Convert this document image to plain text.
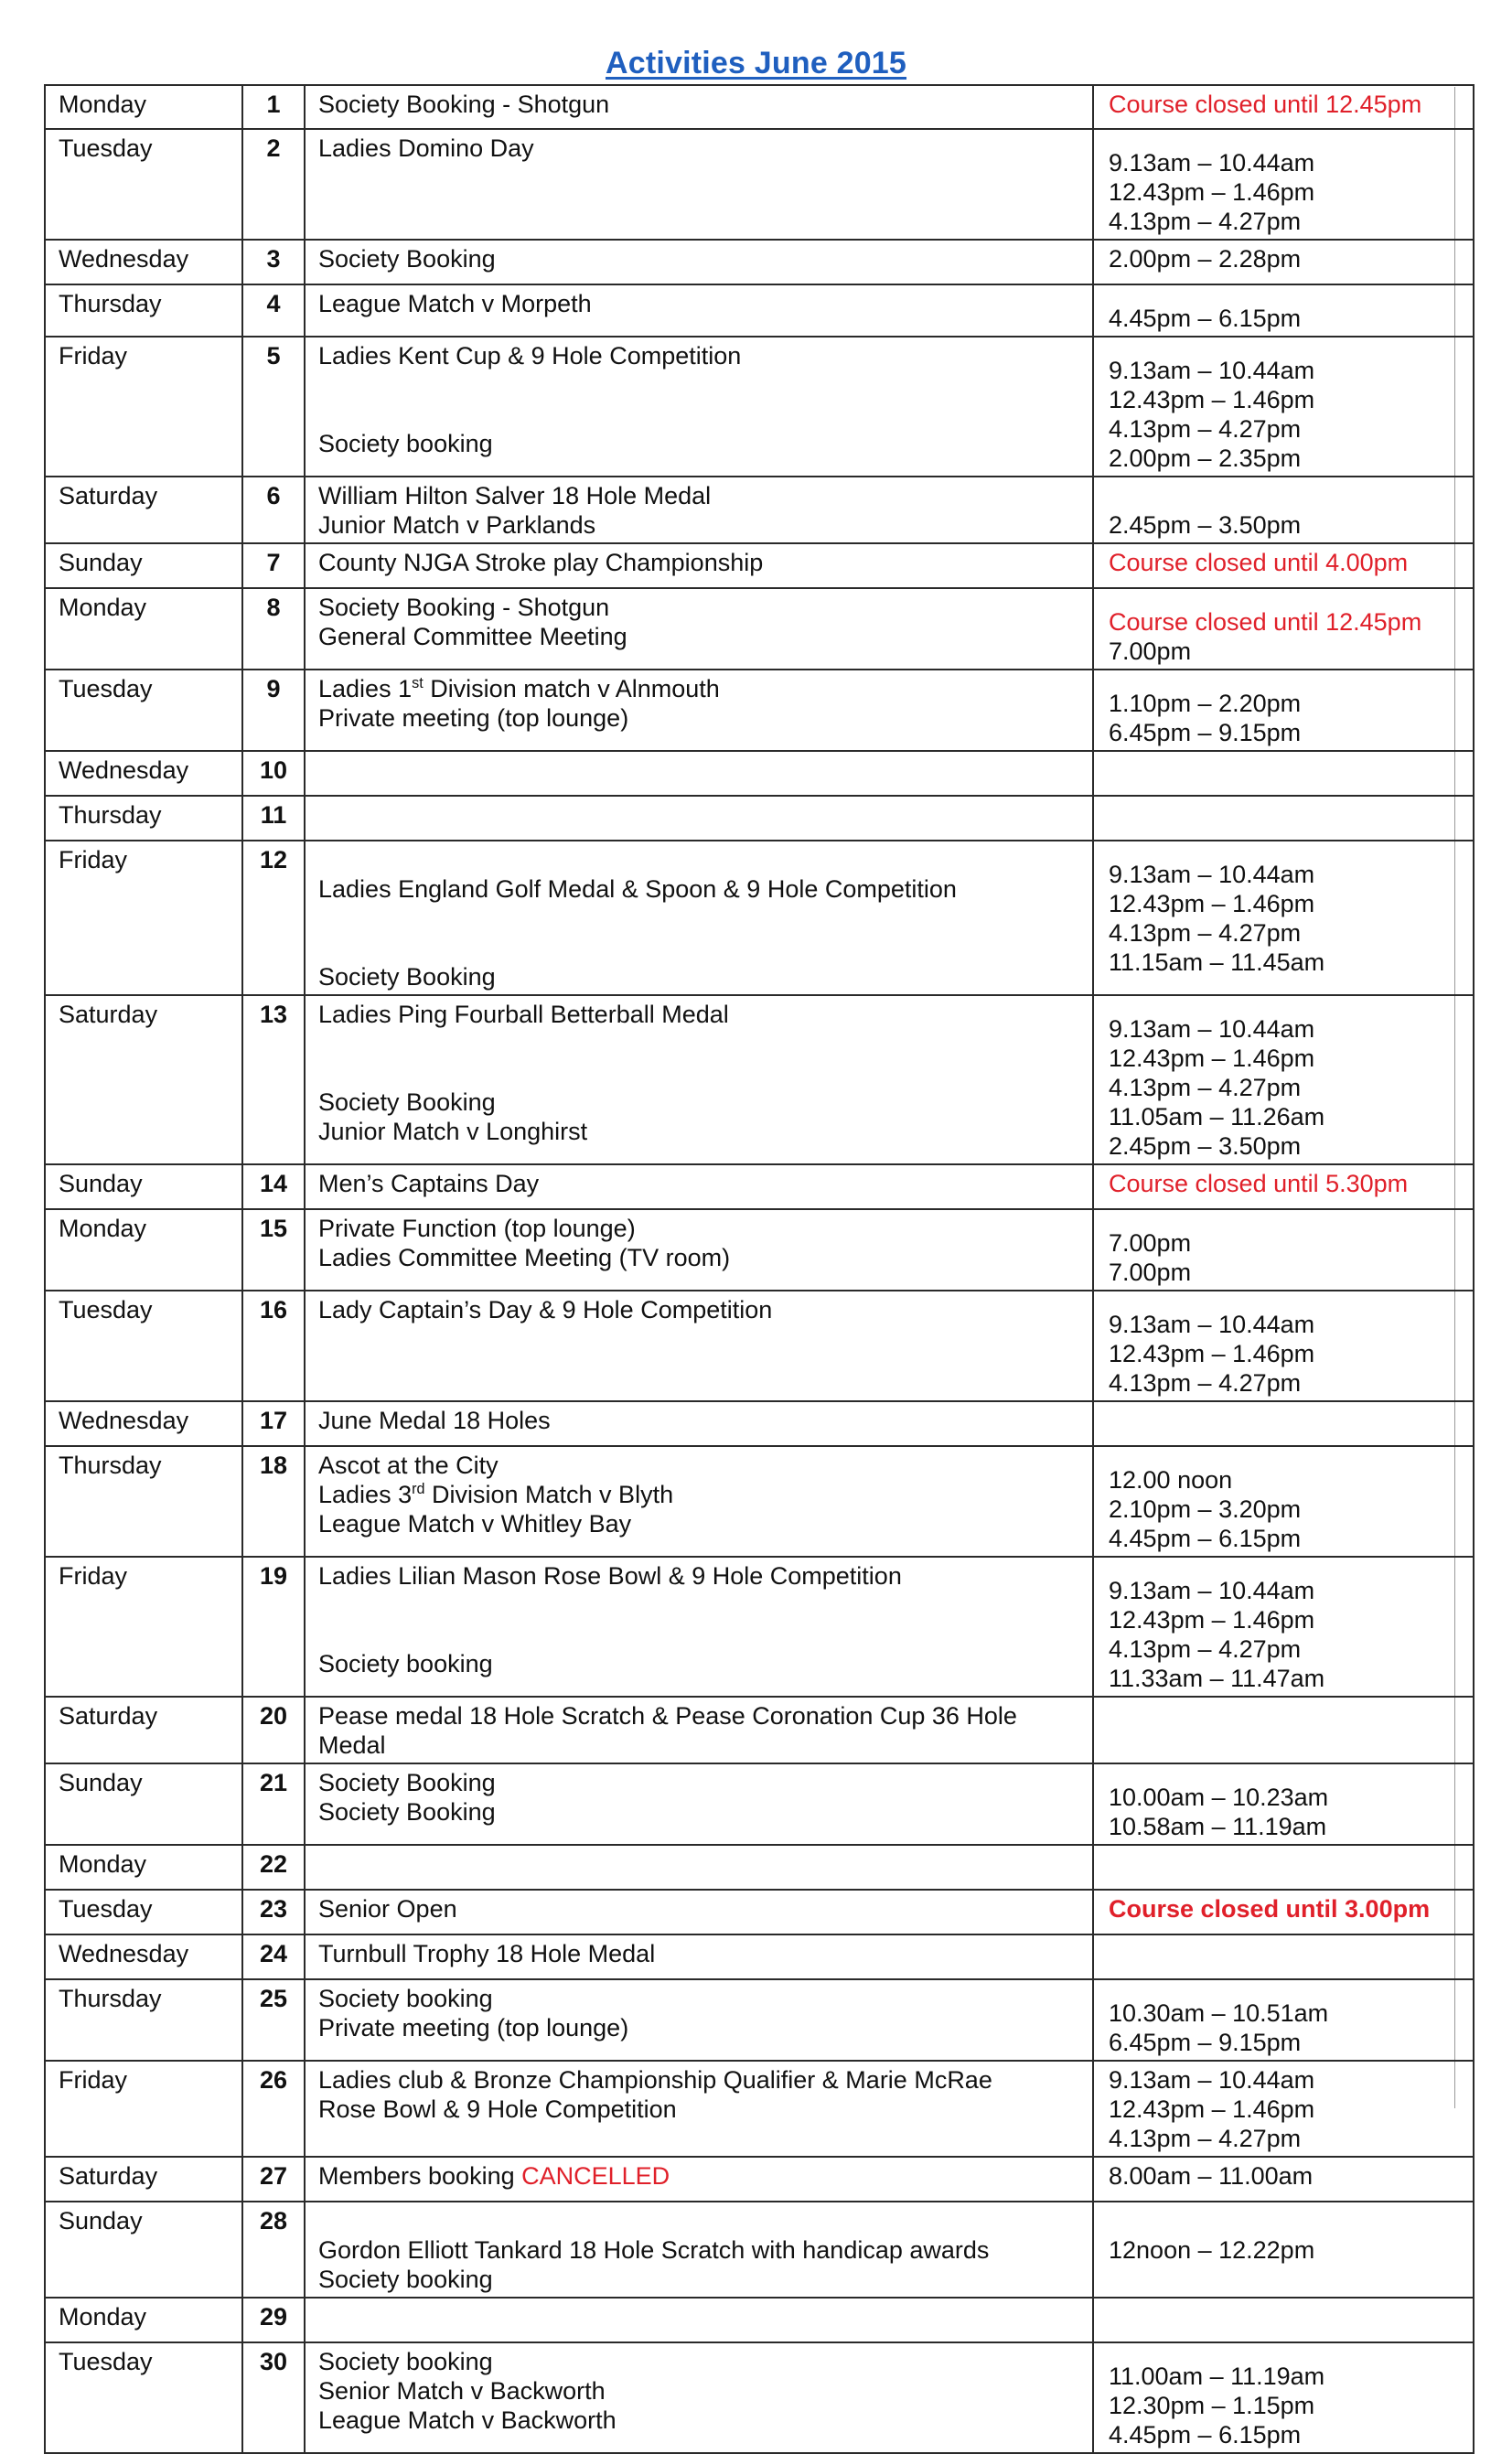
Activities June 2015
Monday	1	Society Booking - Shotgun	Course closed until 12.45pm

Tuesday	2	Ladies Domino Day	9.13am – 10.44am
12.43pm – 1.46pm
4.13pm – 4.27pm

Wednesday	3	Society Booking	2.00pm – 2.28pm

Thursday	4	League Match v Morpeth	4.45pm – 6.15pm

Friday	5	Ladies Kent Cup & 9 Hole Competition
Society booking	9.13am – 10.44am
12.43pm – 1.46pm
4.13pm – 4.27pm
2.00pm – 2.35pm

Saturday	6	William Hilton Salver 18 Hole Medal
Junior Match v Parklands	2.45pm – 3.50pm

Sunday	7	County NJGA Stroke play Championship	Course closed until 4.00pm

Monday	8	Society Booking - Shotgun
General Committee Meeting	Course closed until 12.45pm
7.00pm

Tuesday	9	Ladies 1st Division match v Alnmouth
Private meeting (top lounge)	1.10pm – 2.20pm
6.45pm – 9.15pm

Wednesday	10		
Thursday	11		
Friday	12	Ladies England Golf Medal & Spoon & 9 Hole Competition
Society Booking	9.13am – 10.44am
12.43pm – 1.46pm
4.13pm – 4.27pm
11.15am – 11.45am

Saturday	13	Ladies Ping Fourball Betterball Medal
Society Booking
Junior Match v Longhirst	9.13am – 10.44am
12.43pm – 1.46pm
4.13pm – 4.27pm
11.05am – 11.26am
2.45pm – 3.50pm

Sunday	14	Men’s Captains Day	Course closed until 5.30pm

Monday	15	Private Function (top lounge)
Ladies Committee Meeting (TV room)	7.00pm
7.00pm

Tuesday	16	Lady Captain’s Day & 9 Hole Competition	9.13am – 10.44am
12.43pm – 1.46pm
4.13pm – 4.27pm

Wednesday	17	June Medal 18 Holes	

Thursday	18	Ascot at the City
Ladies 3rd Division Match v Blyth
League Match v Whitley Bay	12.00 noon
2.10pm – 3.20pm
4.45pm – 6.15pm

Friday	19	Ladies Lilian Mason Rose Bowl & 9 Hole Competition
Society booking	9.13am – 10.44am
12.43pm – 1.46pm
4.13pm – 4.27pm
11.33am – 11.47am

Saturday	20	Pease medal 18 Hole Scratch & Pease Coronation Cup 36 Hole
Medal	

Sunday	21	Society Booking
Society Booking	10.00am – 10.23am
10.58am – 11.19am

Monday	22		
Tuesday	23	Senior Open	Course closed until 3.00pm

Wednesday	24	Turnbull Trophy 18 Hole Medal	

Thursday	25	Society booking
Private meeting (top lounge)	10.30am – 10.51am
6.45pm – 9.15pm

Friday	26	Ladies club & Bronze Championship Qualifier & Marie McRae
Rose Bowl & 9 Hole Competition	9.13am – 10.44am
12.43pm – 1.46pm
4.13pm – 4.27pm

Saturday	27	Members booking CANCELLED	8.00am – 11.00am

Sunday	28	Gordon Elliott Tankard 18 Hole Scratch with handicap awards
Society booking	12noon – 12.22pm

Monday	29		
Tuesday	30	Society booking
Senior Match v Backworth
League Match v Backworth	11.00am – 11.19am
12.30pm – 1.15pm
4.45pm – 6.15pm
